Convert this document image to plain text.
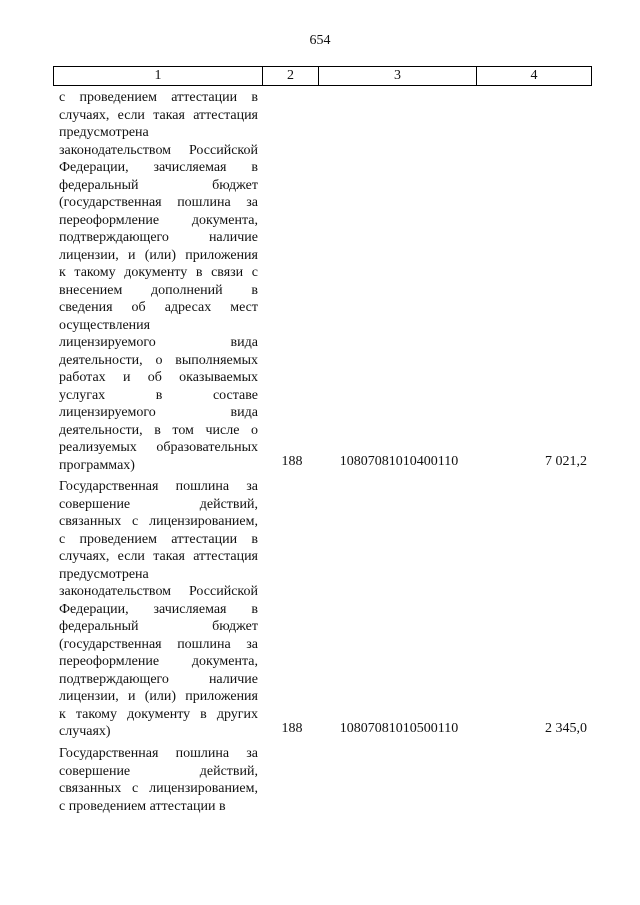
654
1	2	3	4
с проведением аттестации в
случаях, если такая аттестация
предусмотрена
законодательством Российской
Федерации, зачисляемая в
федеральный бюджет
(государственная пошлина за
переоформление документа,
подтверждающего наличие
лицензии, и (или) приложения
к такому документу в связи с
внесением дополнений в
сведения об адресах мест
осуществления
лицензируемого вида
деятельности, о выполняемых
работах и об оказываемых
услугах в составе
лицензируемого вида
деятельности, в том числе о
реализуемых образовательных
программах)	188	10807081010400110	7 021,2
Государственная пошлина за
совершение действий,
связанных с лицензированием,
с проведением аттестации в
случаях, если такая аттестация
предусмотрена
законодательством Российской
Федерации, зачисляемая в
федеральный бюджет
(государственная пошлина за
переоформление документа,
подтверждающего наличие
лицензии, и (или) приложения
к такому документу в других
случаях)	188	10807081010500110	2 345,0
Государственная пошлина за
совершение действий,
связанных с лицензированием,
с проведением аттестации в
